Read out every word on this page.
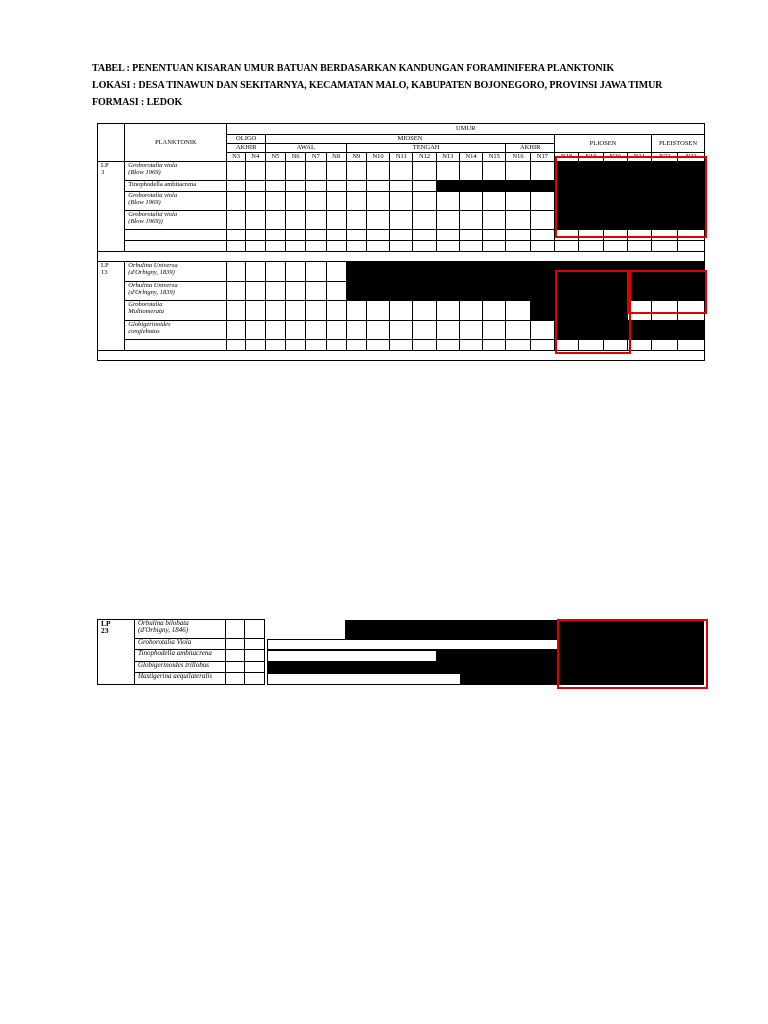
TABEL : PENENTUAN KISARAN UMUR BATUAN BERDASARKAN KANDUNGAN FORAMINIFERA PLANKTONIK
LOKASI : DESA TINAWUN DAN SEKITARNYA, KECAMATAN MALO, KABUPATEN BOJONEGORO, PROVINSI JAWA TIMUR
FORMASI : LEDOK
	PLANKTONIK	UMUR																				
		OLIGO		MIOSEN													PLIOSEN				PLEISTOSEN	
		AKHIR		AWAL				TENGAH							AKHIR							
		N3	N4	N5	N6	N7	N8	N9	N10	N11	N12	N13	N14	N15	N16	N17	N18	N19	N20	N21	N22	N23
LP
3	Groborotalia viola
(Blow 1969)																					
	Tinophodella ambitacrena																					
	Groborotalia viola
(Blow 1969)																					
	Groborotalia viola
(Blow 1969))																					

LP
13	Orbulina Universa
(d'Orbigny, 1839)																					
	Orbulina Universa
(d'Orbigny, 1839)																					
	Groborotalia
Multiomerata																					
	Globigerinoides
conglebatus																					

LP
23	Orbulina bilobata
(d'Orbigny, 1846)			
	Groborotalia Viola			
	Tinophodella ambitacrena			
	Globigerinoides trillobus			
	Hastigerina aequilateralis			
